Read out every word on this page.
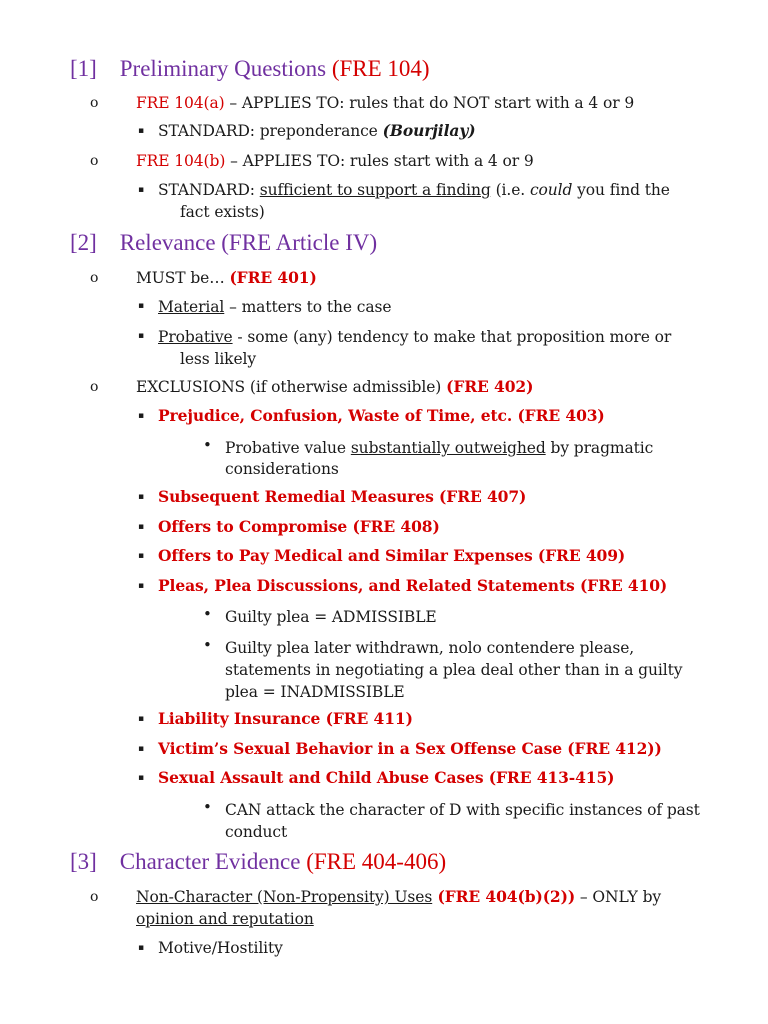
[1] Preliminary Questions (FRE 104)
o FRE 104(a) – APPLIES TO: rules that do NOT start with a 4 or 9
▪ STANDARD: preponderance (Bourjilay)
o FRE 104(b) – APPLIES TO: rules start with a 4 or 9
▪ STANDARD: sufficient to support a finding (i.e. could you find the
fact exists)
[2] Relevance (FRE Article IV)
o MUST be… (FRE 401)
▪ Material – matters to the case
▪ Probative - some (any) tendency to make that proposition more or
less likely
o EXCLUSIONS (if otherwise admissible) (FRE 402)
▪ Prejudice, Confusion, Waste of Time, etc. (FRE 403)
• Probative value substantially outweighed by pragmatic
considerations
▪ Subsequent Remedial Measures (FRE 407)
▪ Offers to Compromise (FRE 408)
▪ Offers to Pay Medical and Similar Expenses (FRE 409)
▪ Pleas, Plea Discussions, and Related Statements (FRE 410)
• Guilty plea = ADMISSIBLE
• Guilty plea later withdrawn, nolo contendere please,
statements in negotiating a plea deal other than in a guilty
plea = INADMISSIBLE
▪ Liability Insurance (FRE 411)
▪ Victim’s Sexual Behavior in a Sex Offense Case (FRE 412))
▪ Sexual Assault and Child Abuse Cases (FRE 413-415)
• CAN attack the character of D with specific instances of past
conduct
[3] Character Evidence (FRE 404-406)
o Non-Character (Non-Propensity) Uses (FRE 404(b)(2)) – ONLY by
opinion and reputation
▪ Motive/Hostility
